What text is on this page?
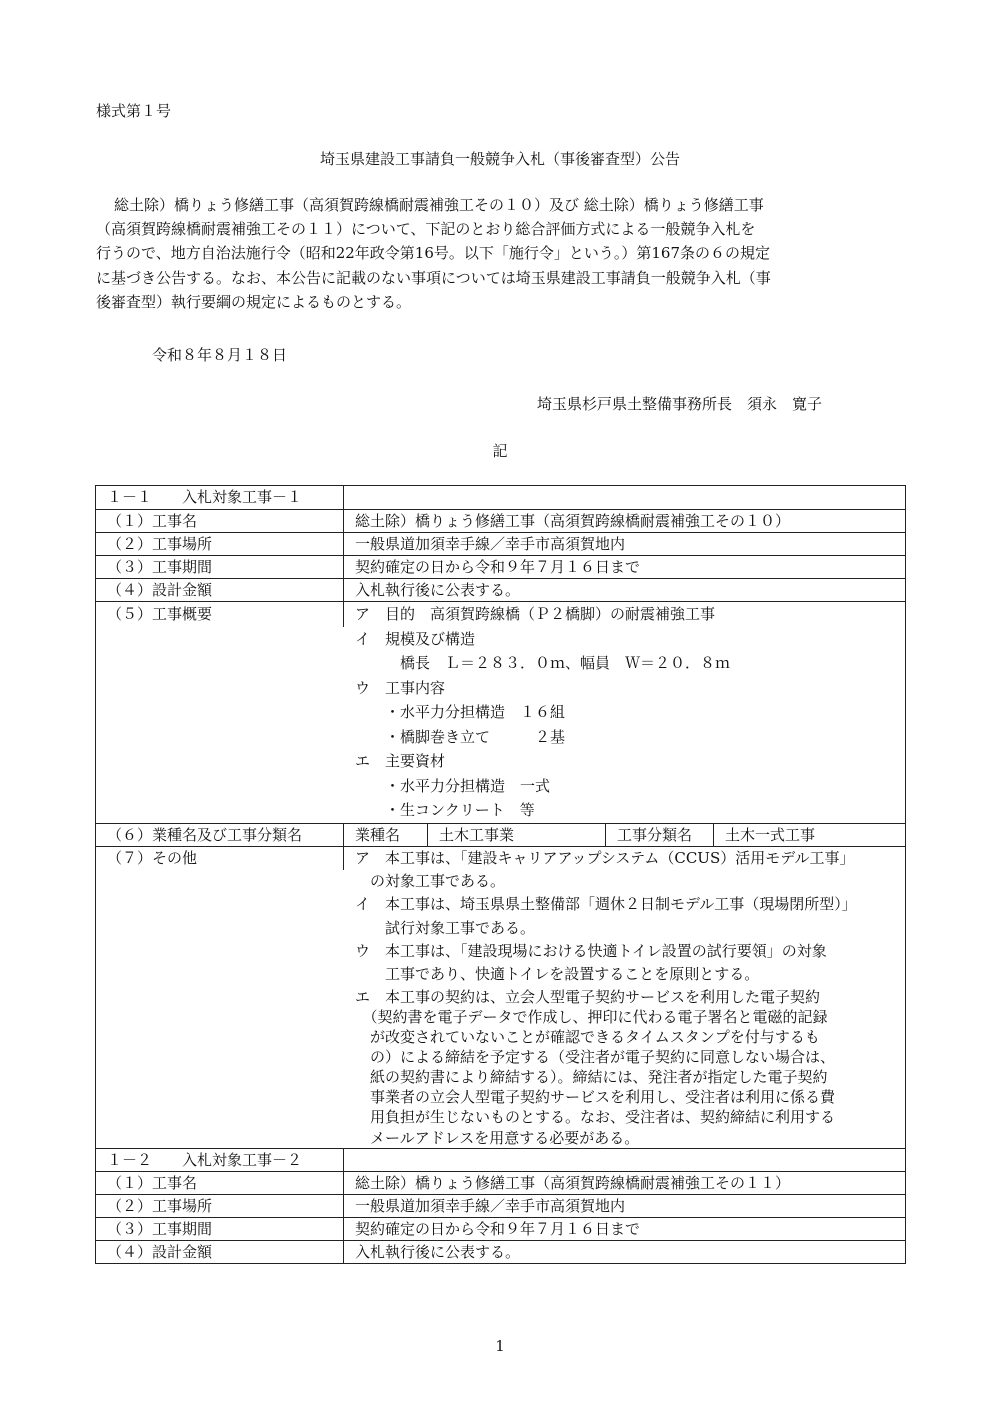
様式第１号
埼玉県建設工事請負一般競争入札（事後審査型）公告
総土除）橋りょう修繕工事（高須賀跨線橋耐震補強工その１０）及び 総土除）橋りょう修繕工事
（高須賀跨線橋耐震補強工その１１）について、下記のとおり総合評価方式による一般競争入札を
行うので、地方自治法施行令（昭和22年政令第16号。以下「施行令」という。）第167条の６の規定
に基づき公告する。なお、本公告に記載のない事項については埼玉県建設工事請負一般競争入札（事
後審査型）執行要綱の規定によるものとする。
令和８年８月１８日
埼玉県杉戸県土整備事務所長　須永　寛子
記
１－１　　入札対象工事－１
（１）工事名	総土除）橋りょう修繕工事（高須賀跨線橋耐震補強工その１０）
（２）工事場所	一般県道加須幸手線／幸手市高須賀地内
（３）工事期間	契約確定の日から令和９年７月１６日まで
（４）設計金額	入札執行後に公表する。
（５）工事概要	ア　目的　高須賀跨線橋（Ｐ２橋脚）の耐震補強工事
イ　規模及び構造
　　　橋長　Ｌ＝２８３．０ｍ、幅員　Ｗ＝２０．８ｍ
ウ　工事内容
　　・水平力分担構造　１６組
　　・橋脚巻き立て　　　２基
エ　主要資材
　　・水平力分担構造　一式
　　・生コンクリート　等
（６）業種名及び工事分類名	業種名	土木工事業	工事分類名	土木一式工事
（７）その他	ア　本工事は、「建設キャリアアップシステム（CCUS）活用モデル工事」
　の対象工事である。
イ　本工事は、埼玉県県土整備部「週休２日制モデル工事（現場閉所型）」
　　試行対象工事である。
ウ　本工事は、「建設現場における快適トイレ設置の試行要領」の対象
　　工事であり、快適トイレを設置することを原則とする。
エ　本工事の契約は、立会人型電子契約サービスを利用した電子契約
　（契約書を電子データで作成し、押印に代わる電子署名と電磁的記録
　が改変されていないことが確認できるタイムスタンプを付与するも
　の）による締結を予定する（受注者が電子契約に同意しない場合は、
　紙の契約書により締結する）。締結には、発注者が指定した電子契約
　事業者の立会人型電子契約サービスを利用し、受注者は利用に係る費
　用負担が生じないものとする。なお、受注者は、契約締結に利用する
　メールアドレスを用意する必要がある。
１－２　　入札対象工事－２
（１）工事名	総土除）橋りょう修繕工事（高須賀跨線橋耐震補強工その１１）
（２）工事場所	一般県道加須幸手線／幸手市高須賀地内
（３）工事期間	契約確定の日から令和９年７月１６日まで
（４）設計金額	入札執行後に公表する。
1
